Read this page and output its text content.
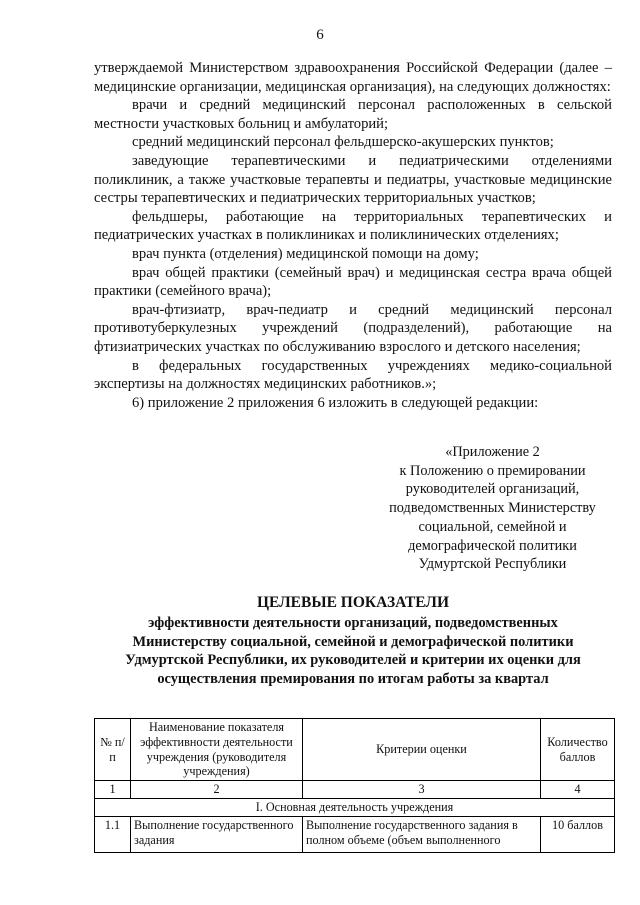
6

утверждаемой Министерством здравоохранения Российской Федерации (далее – медицинские организации, медицинская организация), на следующих должностях:

врачи и средний медицинский персонал расположенных в сельской местности участковых больниц и амбулаторий;

средний медицинский персонал фельдшерско-акушерских пунктов;

заведующие терапевтическими и педиатрическими отделениями поликлиник, а также участковые терапевты и педиатры, участковые медицинские сестры терапевтических и педиатрических территориальных участков;

фельдшеры, работающие на территориальных терапевтических и педиатрических участках в поликлиниках и поликлинических отделениях;

врач пункта (отделения) медицинской помощи на дому;

врач общей практики (семейный врач) и медицинская сестра врача общей практики (семейного врача);

врач-фтизиатр, врач-педиатр и средний медицинский персонал противотуберкулезных учреждений (подразделений), работающие на фтизиатрических участках по обслуживанию взрослого и детского населения;

в федеральных государственных учреждениях медико-социальной экспертизы на должностях медицинских работников.»;

6) приложение 2 приложения 6 изложить в следующей редакции:

«Приложение 2
к Положению о премировании
руководителей организаций,
подведомственных Министерству
социальной, семейной и
демографической политики
Удмуртской Республики
ЦЕЛЕВЫЕ ПОКАЗАТЕЛИ
эффективности деятельности организаций, подведомственных
Министерству социальной, семейной и демографической политики
Удмуртской Республики, их руководителей и критерии их оценки для
осуществления премирования по итогам работы за квартал
№ п/п	Наименование показателя эффективности деятельности учреждения (руководителя учреждения)	Критерии оценки	Количество баллов
1	2	3	4
I. Основная деятельность учреждения			
1.1	Выполнение государственного задания	Выполнение государственного задания в полном объеме (объем выполненного	10 баллов
